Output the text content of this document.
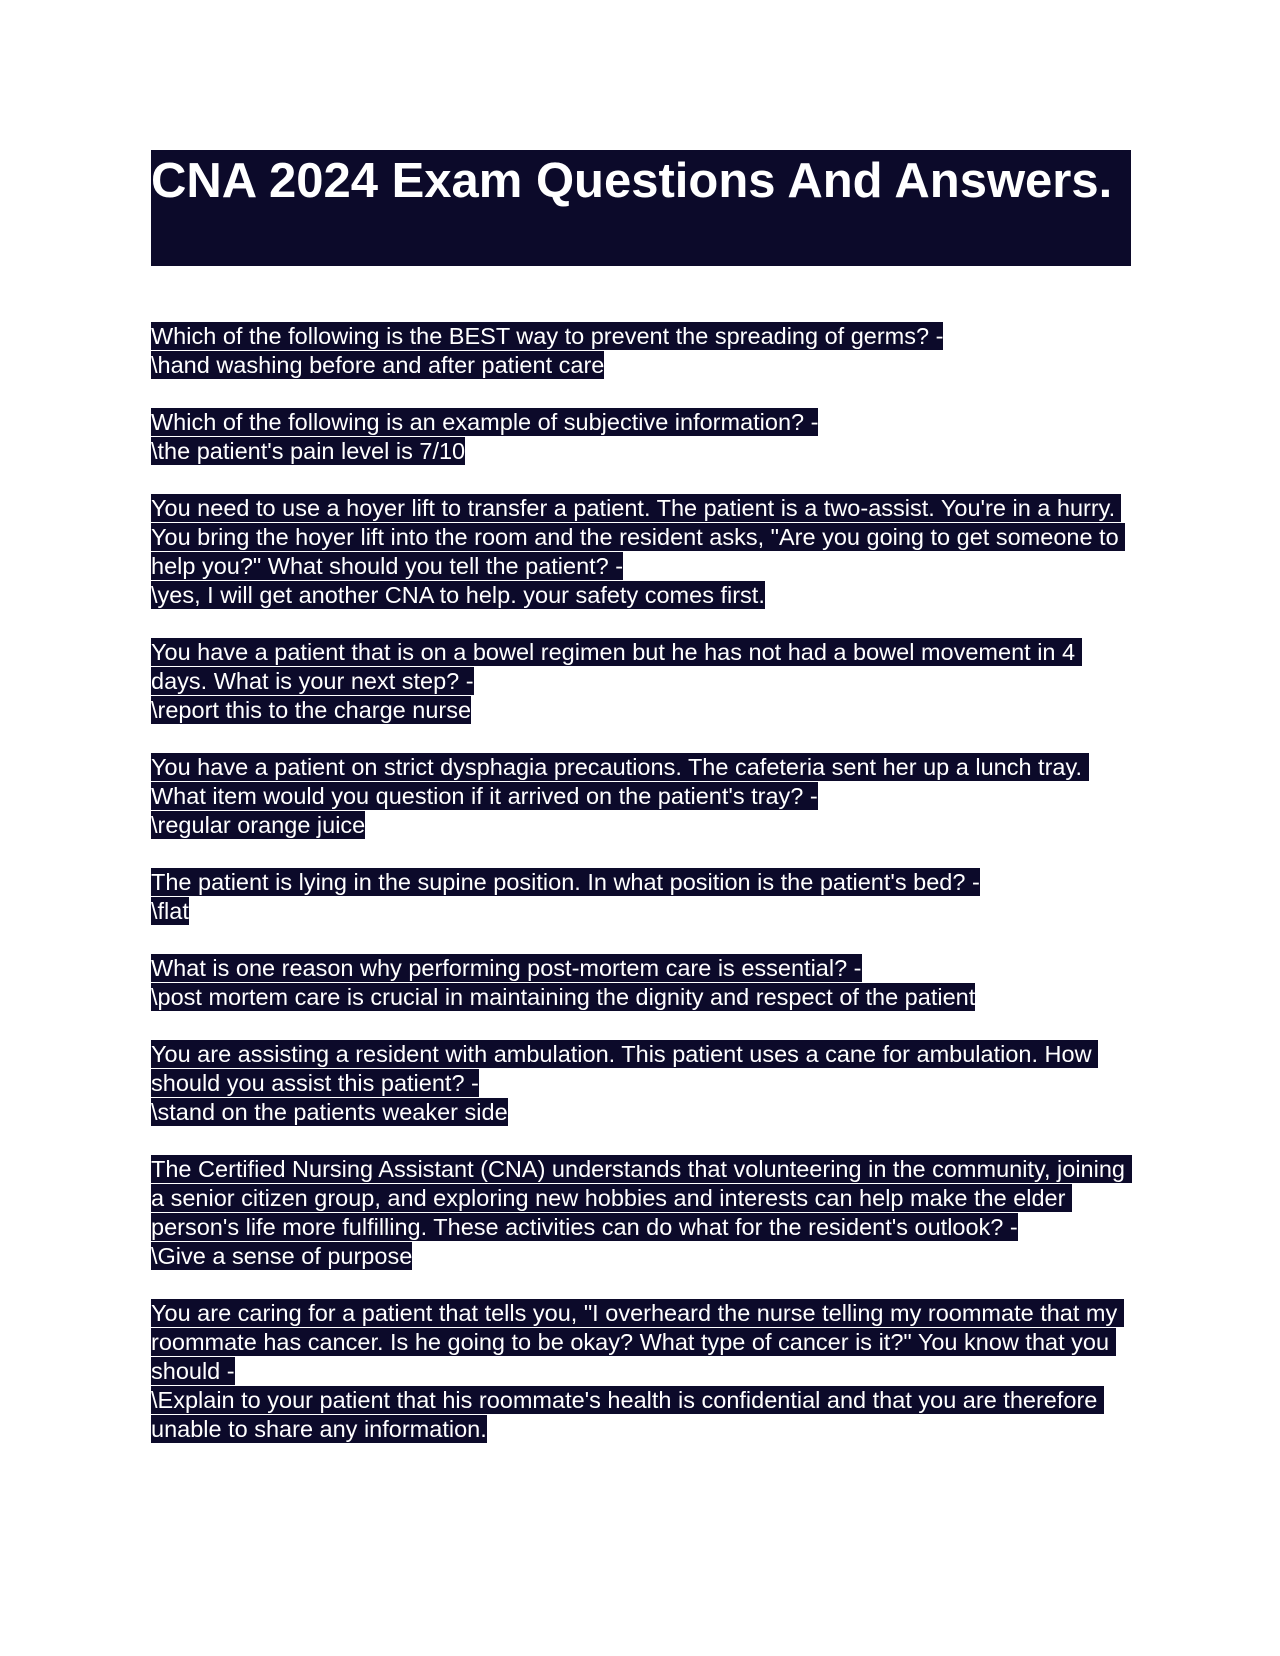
CNA 2024 Exam Questions And Answers.
Which of the following is the BEST way to prevent the spreading of germs? -
\hand washing before and after patient care
Which of the following is an example of subjective information? -
\the patient's pain level is 7/10
You need to use a hoyer lift to transfer a patient. The patient is a two-assist. You're in a hurry. You bring the hoyer lift into the room and the resident asks, "Are you going to get someone to help you?" What should you tell the patient? -
\yes, I will get another CNA to help. your safety comes first.
You have a patient that is on a bowel regimen but he has not had a bowel movement in 4 days. What is your next step? -
\report this to the charge nurse
You have a patient on strict dysphagia precautions. The cafeteria sent her up a lunch tray. What item would you question if it arrived on the patient's tray? -
\regular orange juice
The patient is lying in the supine position. In what position is the patient's bed? -
\flat
What is one reason why performing post-mortem care is essential? -
\post mortem care is crucial in maintaining the dignity and respect of the patient
You are assisting a resident with ambulation. This patient uses a cane for ambulation. How should you assist this patient? -
\stand on the patients weaker side
The Certified Nursing Assistant (CNA) understands that volunteering in the community, joining a senior citizen group, and exploring new hobbies and interests can help make the elder person's life more fulfilling. These activities can do what for the resident's outlook? -
\Give a sense of purpose
You are caring for a patient that tells you, "I overheard the nurse telling my roommate that my roommate has cancer. Is he going to be okay? What type of cancer is it?" You know that you should -
\Explain to your patient that his roommate's health is confidential and that you are therefore unable to share any information.
